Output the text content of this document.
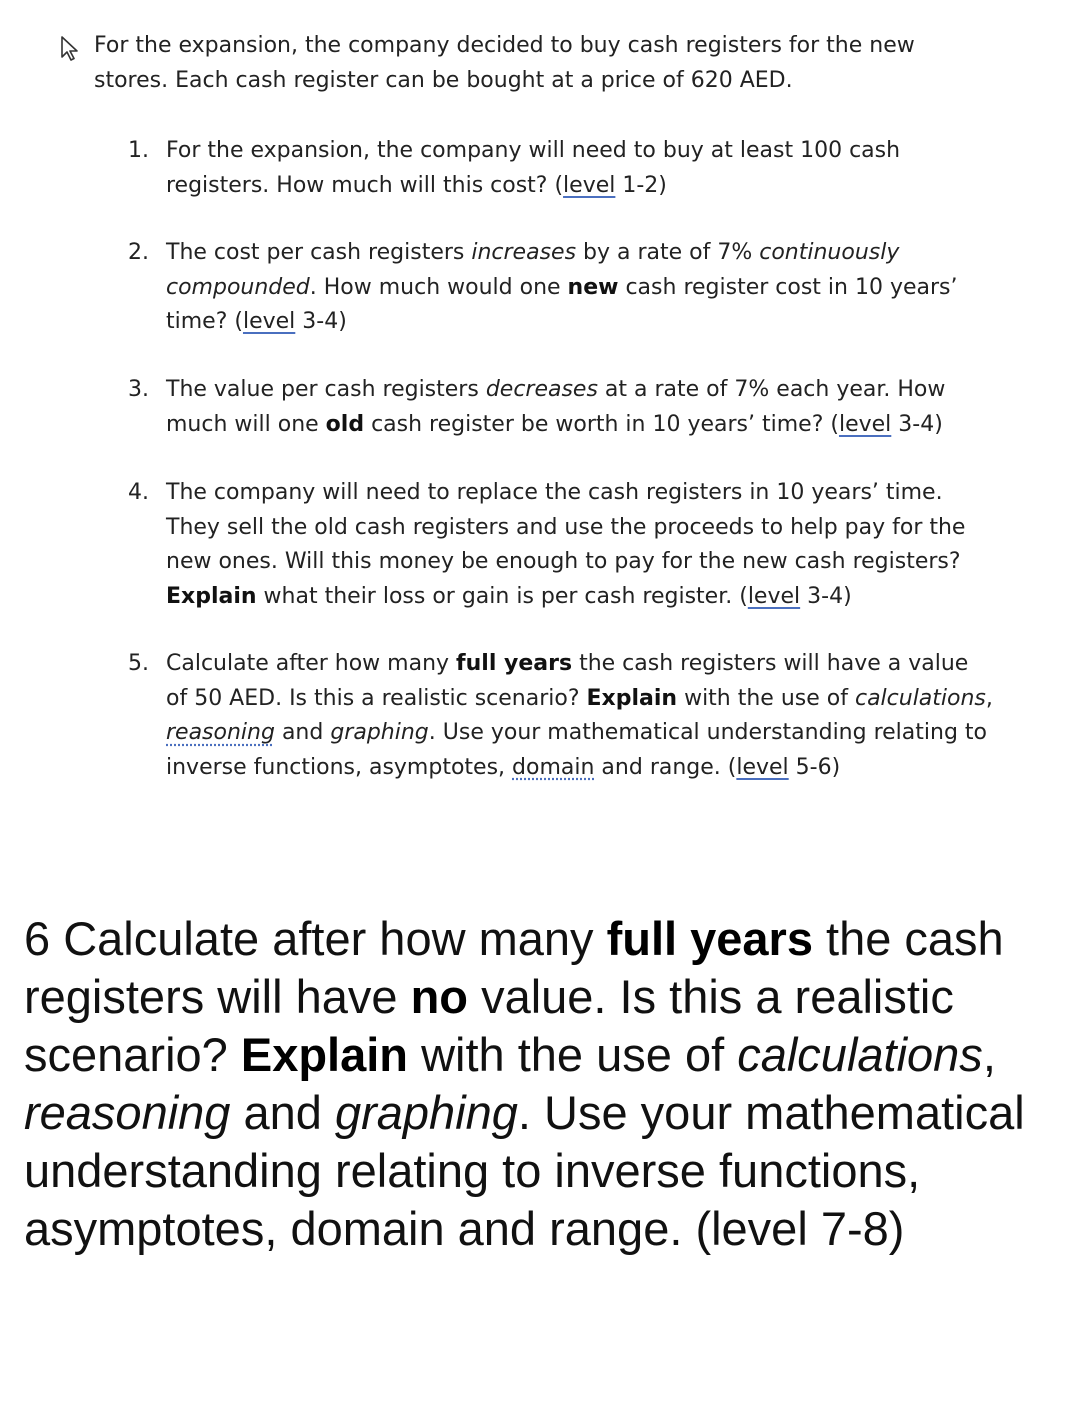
For the expansion, the company decided to buy cash registers for the new stores. Each cash register can be bought at a price of 620 AED.
1. For the expansion, the company will need to buy at least 100 cash registers. How much will this cost? (level 1-2)
2. The cost per cash registers increases by a rate of 7% continuously compounded. How much would one new cash register cost in 10 years’ time? (level 3-4)
3. The value per cash registers decreases at a rate of 7% each year. How much will one old cash register be worth in 10 years’ time? (level 3-4)
4. The company will need to replace the cash registers in 10 years’ time. They sell the old cash registers and use the proceeds to help pay for the new ones. Will this money be enough to pay for the new cash registers? Explain what their loss or gain is per cash register. (level 3-4)
5. Calculate after how many full years the cash registers will have a value of 50 AED. Is this a realistic scenario? Explain with the use of calculations, reasoning and graphing. Use your mathematical understanding relating to inverse functions, asymptotes, domain and range. (level 5-6)
6 Calculate after how many full years the cash registers will have no value. Is this a realistic scenario? Explain with the use of calculations, reasoning and graphing. Use your mathematical understanding relating to inverse functions, asymptotes, domain and range. (level 7-8)
